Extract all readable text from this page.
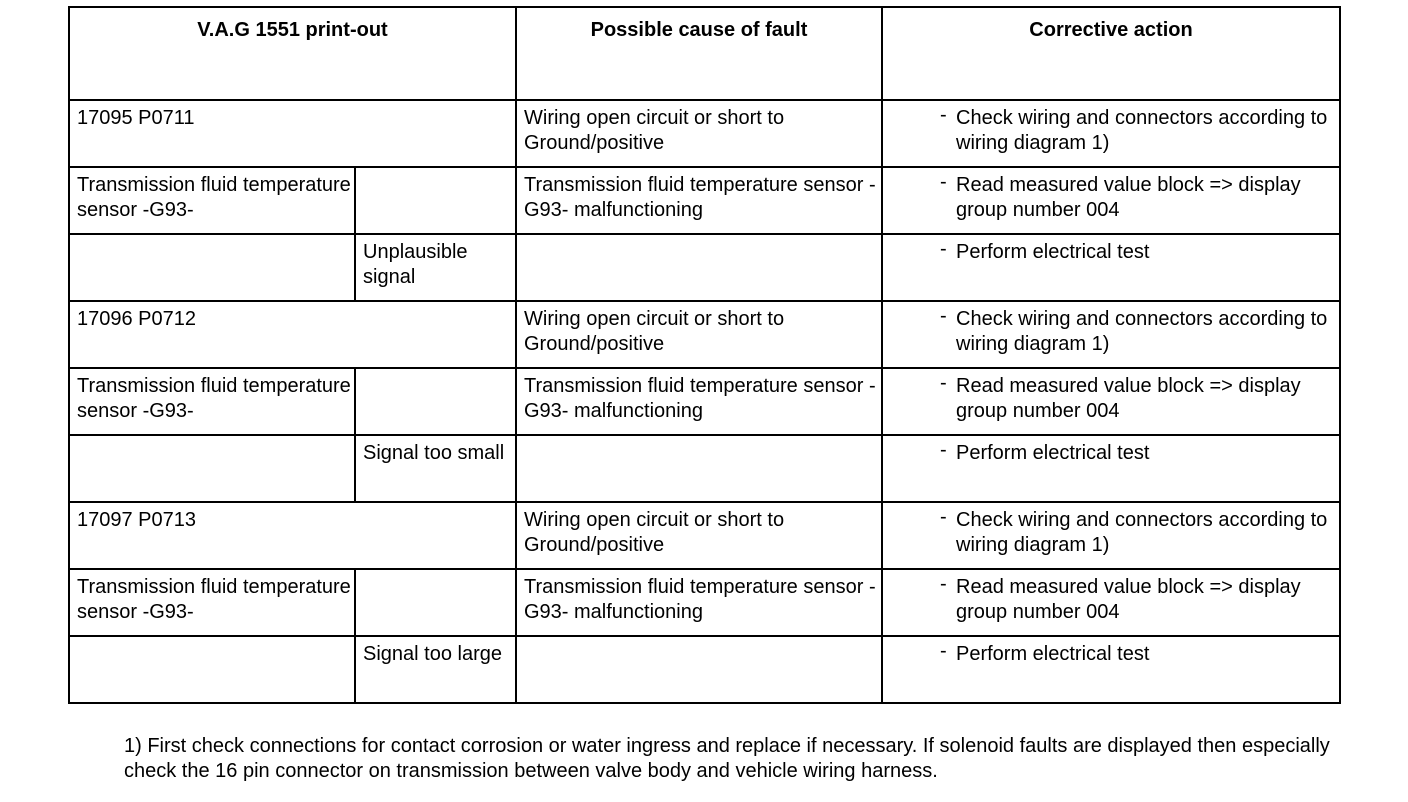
V.A.G 1551 print-out		Possible cause of fault	Corrective action

17095 P0711		Wiring open circuit or short to Ground/positive	- Check wiring and connectors according to wiring diagram 1)

Transmission fluid temperature sensor -G93-		Transmission fluid temperature sensor -G93- malfunctioning	- Read measured value block => display group number 004

	Unplausible signal		- Perform electrical test

17096 P0712		Wiring open circuit or short to Ground/positive	- Check wiring and connectors according to wiring diagram 1)

Transmission fluid temperature sensor -G93-		Transmission fluid temperature sensor -G93- malfunctioning	- Read measured value block => display group number 004

	Signal too small		- Perform electrical test

17097 P0713		Wiring open circuit or short to Ground/positive	- Check wiring and connectors according to wiring diagram 1)

Transmission fluid temperature sensor -G93-		Transmission fluid temperature sensor -G93- malfunctioning	- Read measured value block => display group number 004

	Signal too large		- Perform electrical test
1) First check connections for contact corrosion or water ingress and replace if necessary. If solenoid faults are displayed then especially check the 16 pin connector on transmission between valve body and vehicle wiring harness.
